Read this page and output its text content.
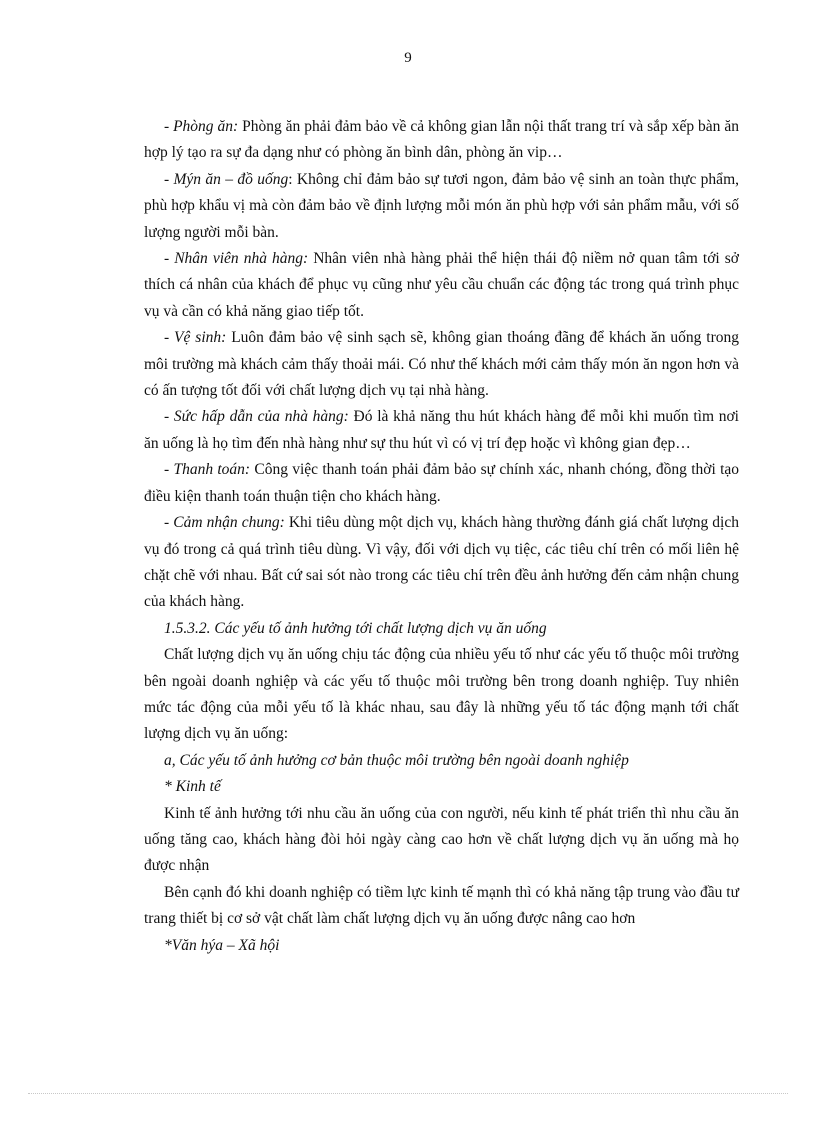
9

- Phòng ăn: Phòng ăn phải đảm bảo về cả không gian lẫn nội thất trang trí và sắp xếp bàn ăn hợp lý tạo ra sự đa dạng như có phòng ăn bình dân, phòng ăn vip…

- Mýn ăn – đồ uống: Không chỉ đảm bảo sự tươi ngon, đảm bảo vệ sinh an toàn thực phẩm, phù hợp khẩu vị mà còn đảm bảo về định lượng mỗi món ăn phù hợp với sản phẩm mẫu, với số lượng người mỗi bàn.

- Nhân viên nhà hàng: Nhân viên nhà hàng phải thể hiện thái độ niềm nở quan tâm tới sở thích cá nhân của khách để phục vụ cũng như yêu cầu chuẩn các động tác trong quá trình phục vụ và cần có khả năng giao tiếp tốt.

- Vệ sinh: Luôn đảm bảo vệ sinh sạch sẽ, không gian thoáng đãng để khách ăn uống trong môi trường mà khách cảm thấy thoải mái. Có như thế khách mới cảm thấy món ăn ngon hơn và có ấn tượng tốt đối với chất lượng dịch vụ tại nhà hàng.

- Sức hấp dẫn của nhà hàng: Đó là khả năng thu hút khách hàng để mỗi khi muốn tìm nơi ăn uống là họ tìm đến nhà hàng như sự thu hút vì có vị trí đẹp hoặc vì không gian đẹp…

- Thanh toán: Công việc thanh toán phải đảm bảo sự chính xác, nhanh chóng, đồng thời tạo điều kiện thanh toán thuận tiện cho khách hàng.

- Cảm nhận chung: Khi tiêu dùng một dịch vụ, khách hàng thường đánh giá chất lượng dịch vụ đó trong cả quá trình tiêu dùng. Vì vậy, đối với dịch vụ tiệc, các tiêu chí trên có mối liên hệ chặt chẽ với nhau. Bất cứ sai sót nào trong các tiêu chí trên đều ảnh hưởng đến cảm nhận chung của khách hàng.

1.5.3.2. Các yếu tố ảnh hưởng tới chất lượng dịch vụ ăn uống

Chất lượng dịch vụ ăn uống chịu tác động của nhiều yếu tố như các yếu tố thuộc môi trường bên ngoài doanh nghiệp và các yếu tố thuộc môi trường bên trong doanh nghiệp. Tuy nhiên mức tác động của mỗi yếu tố là khác nhau, sau đây là những yếu tố tác động mạnh tới chất lượng dịch vụ ăn uống:

a, Các yếu tố ảnh hưởng cơ bản thuộc môi trường bên ngoài doanh nghiệp

* Kinh tế

Kinh tế ảnh hưởng tới nhu cầu ăn uống của con người, nếu kinh tế phát triển thì nhu cầu ăn uống tăng cao, khách hàng đòi hỏi ngày càng cao hơn về chất lượng dịch vụ ăn uống mà họ được nhận

Bên cạnh đó khi doanh nghiệp có tiềm lực kinh tế mạnh thì có khả năng tập trung vào đầu tư trang thiết bị cơ sở vật chất làm chất lượng dịch vụ ăn uống được nâng cao hơn

*Văn hýa – Xã hội
